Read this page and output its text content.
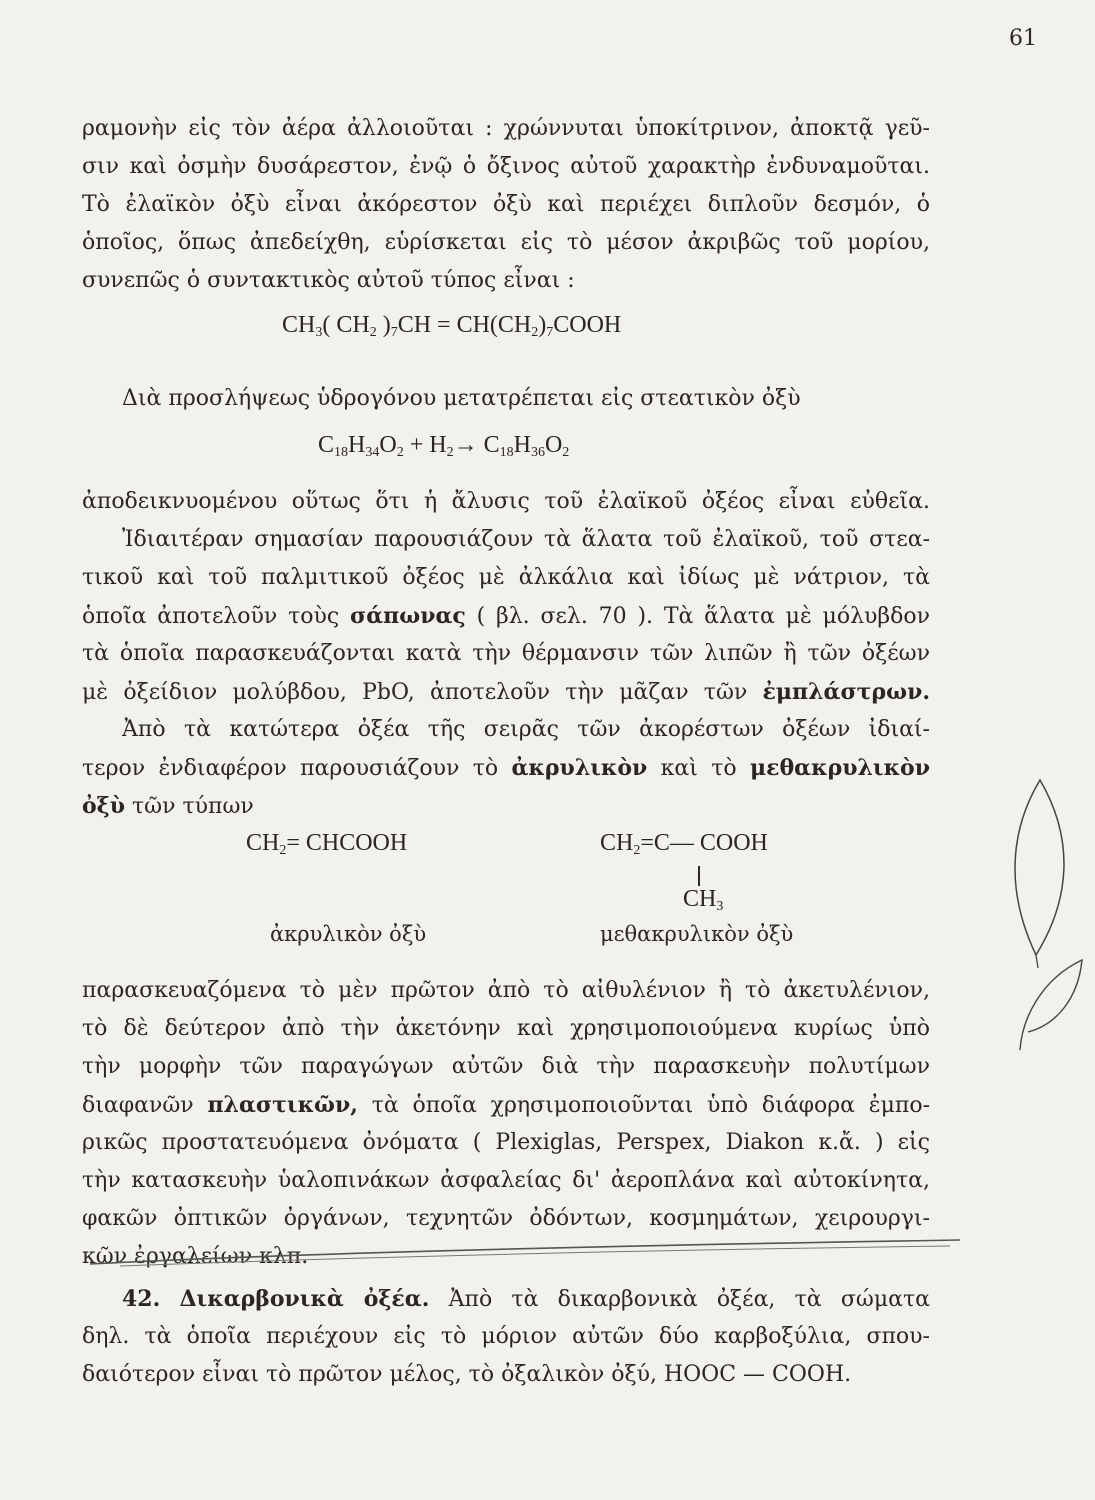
61
ραμονὴν εἰς τὸν ἀέρα ἀλλοιοῦται : χρώννυται ὑποκίτρινον, ἀποκτᾷ γεῦ-
σιν καὶ ὀσμὴν δυσάρεστον, ἐνῷ ὁ ὄξινος αὐτοῦ χαρακτὴρ ἐνδυναμοῦται.
Τὸ ἐλαϊκὸν ὀξὺ εἶναι ἀκόρεστον ὀξὺ καὶ περιέχει διπλοῦν δεσμόν, ὁ
ὁποῖος, ὅπως ἀπεδείχθη, εὑρίσκεται εἰς τὸ μέσον ἀκριβῶς τοῦ μορίου,
συνεπῶς ὁ συντακτικὸς αὐτοῦ τύπος εἶναι :
$CH_3$( $CH_2$ )$_7CH$ = $CH(CH_2)_7COOH$
Διὰ προσλήψεως ὑδρογόνου μετατρέπεται εἰς στεατικὸν ὀξὺ
$C_{18}H_{34}O_2 + H_2\to C_{18}H_{36}O_2$
ἀποδεικνυομένου οὕτως ὅτι ἡ ἄλυσις τοῦ ἐλαϊκοῦ ὀξέος εἶναι εὐθεῖα.
Ἰδιαιτέραν σημασίαν παρουσιάζουν τὰ ἅλατα τοῦ ἐλαϊκοῦ, τοῦ στεα-
τικοῦ καὶ τοῦ παλμιτικοῦ ὀξέος μὲ ἀλκάλια καὶ ἰδίως μὲ νάτριον, τὰ
ὁποῖα ἀποτελοῦν τοὺς σάπωνας ( βλ. σελ. 70 ). Τὰ ἅλατα μὲ μόλυβδον
τὰ ὁποῖα παρασκευάζονται κατὰ τὴν θέρμανσιν τῶν λιπῶν ἢ τῶν ὀξέων
μὲ ὀξείδιον μολύβδου, PbO, ἀποτελοῦν τὴν μᾶζαν τῶν ἐμπλάστρων.
Ἀπὸ τὰ κατώτερα ὀξέα τῆς σειρᾶς τῶν ἀκορέστων ὀξέων ἰδιαί-
τερον ἐνδιαφέρον παρουσιάζουν τὸ ἀκρυλικὸν καὶ τὸ μεθακρυλικὸν
ὀξὺ τῶν τύπων
$CH_2=$ CHCOOH	$CH_2=C—$ COOH
$CH_3$
ἀκρυλικὸν ὀξὺ	μεθακρυλικὸν ὀξὺ
παρασκευαζόμενα τὸ μὲν πρῶτον ἀπὸ τὸ αἰθυλένιον ἢ τὸ ἀκετυλένιον,
τὸ δὲ δεύτερον ἀπὸ τὴν ἀκετόνην καὶ χρησιμοποιούμενα κυρίως ὑπὸ
τὴν μορφὴν τῶν παραγώγων αὐτῶν διὰ τὴν παρασκευὴν πολυτίμων
διαφανῶν πλαστικῶν, τὰ ὁποῖα χρησιμοποιοῦνται ὑπὸ διάφορα ἐμπο-
ρικῶς προστατευόμενα ὀνόματα ( Plexiglas, Perspex, Diakon κ.ἄ. ) εἰς
τὴν κατασκευὴν ὑαλοπινάκων ἀσφαλείας δι' ἀεροπλάνα καὶ αὐτοκίνητα,
φακῶν ὀπτικῶν ὀργάνων, τεχνητῶν ὀδόντων, κοσμημάτων, χειρουργι-
κῶν ἐργαλείων κλπ.
42. Δικαρβονικὰ ὀξέα. Ἀπὸ τὰ δικαρβονικὰ ὀξέα, τὰ σώματα
δηλ. τὰ ὁποῖα περιέχουν εἰς τὸ μόριον αὐτῶν δύο καρβοξύλια, σπου-
δαιότερον εἶναι τὸ πρῶτον μέλος, τὸ ὀξαλικὸν ὀξύ, HOOC — COOH.
